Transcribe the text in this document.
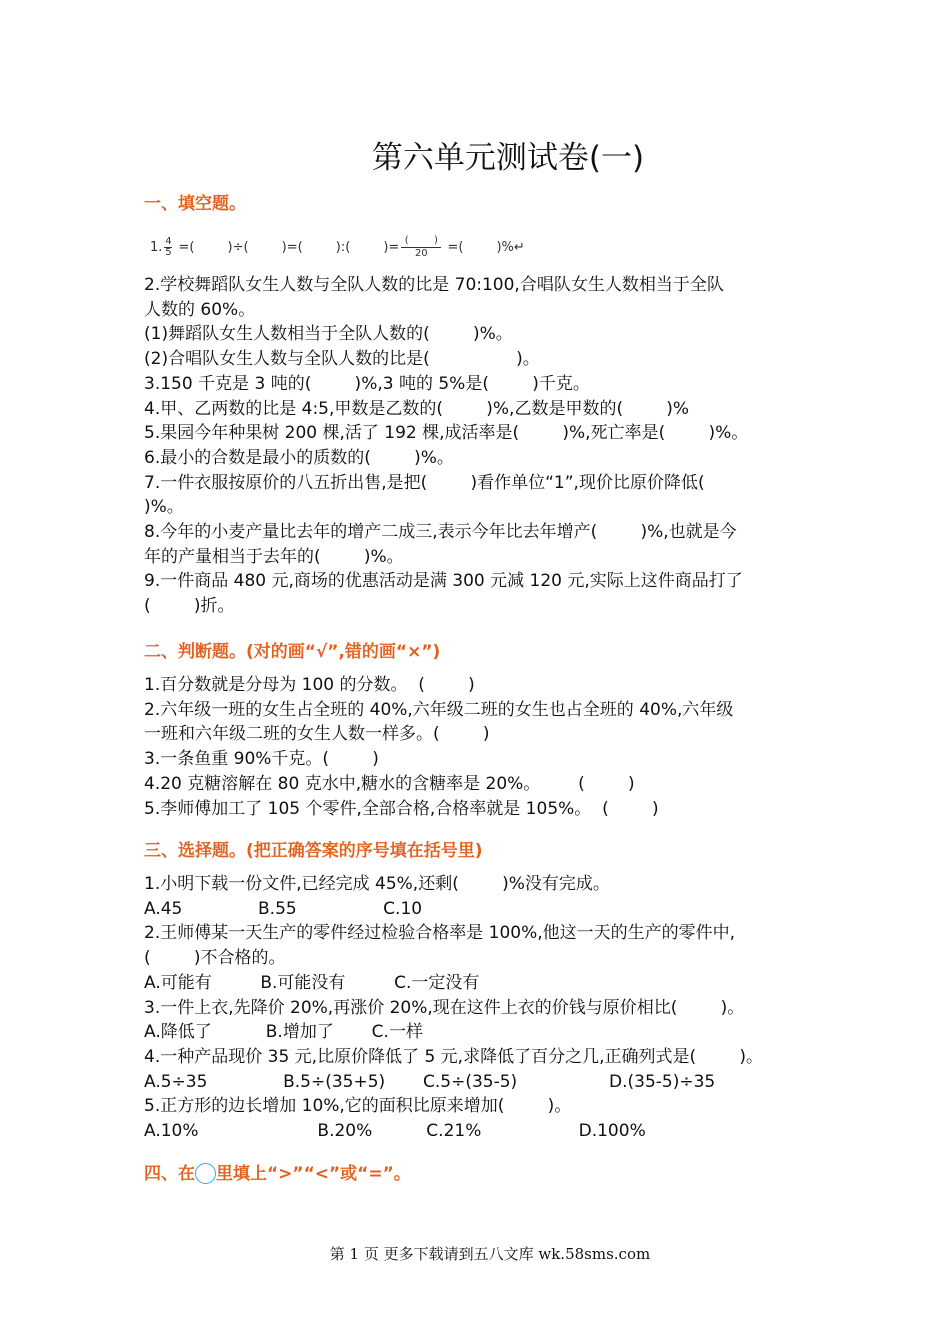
第六单元测试卷(一)
一、填空题。
1. $\frac{4}{5}$ =(        )÷(        )=(        ):(        )= (        )
20 =(        )%↵

2.学校舞蹈队女生人数与全队人数的比是 70:100,合唱队女生人数相当于全队

人数的 60%。

(1)舞蹈队女生人数相当于全队人数的(        )%。

(2)合唱队女生人数与全队人数的比是(                )。

3.150 千克是 3 吨的(        )%,3 吨的 5%是(        )千克。

4.甲、乙两数的比是 4:5,甲数是乙数的(        )%,乙数是甲数的(        )%

5.果园今年种果树 200 棵,活了 192 棵,成活率是(        )%,死亡率是(        )%。

6.最小的合数是最小的质数的(        )%。

7.一件衣服按原价的八五折出售,是把(        )看作单位“1”,现价比原价降低(

)%。

8.今年的小麦产量比去年的增产二成三,表示今年比去年增产(        )%,也就是今

年的产量相当于去年的(        )%。

9.一件商品 480 元,商场的优惠活动是满 300 元减 120 元,实际上这件商品打了

(        )折。

二、判断题。(对的画“√”,错的画“×”)

1.百分数就是分母为 100 的分数。  (        )

2.六年级一班的女生占全班的 40%,六年级二班的女生也占全班的 40%,六年级

一班和六年级二班的女生人数一样多。(        )

3.一条鱼重 90%千克。(        )

4.20 克糖溶解在 80 克水中,糖水的含糖率是 20%。       (        )

5.李师傅加工了 105 个零件,全部合格,合格率就是 105%。  (        )

三、选择题。(把正确答案的序号填在括号里)

1.小明下载一份文件,已经完成 45%,还剩(        )%没有完成。

A.45              B.55                C.10

2.王师傅某一天生产的零件经过检验合格率是 100%,他这一天的生产的零件中,

(        )不合格的。

A.可能有         B.可能没有         C.一定没有

3.一件上衣,先降价 20%,再涨价 20%,现在这件上衣的价钱与原价相比(        )。

A.降低了          B.增加了       C.一样

4.一种产品现价 35 元,比原价降低了 5 元,求降低了百分之几,正确列式是(        )。

A.5÷35              B.5÷(35+5)       C.5÷(35-5)                 D.(35-5)÷35

5.正方形的边长增加 10%,它的面积比原来增加(        )。

A.10%                      B.20%          C.21%                  D.100%

四、在 里填上“>”“<”或“=”。
第 1 页 更多下载请到五八文库 wk.58sms.com
